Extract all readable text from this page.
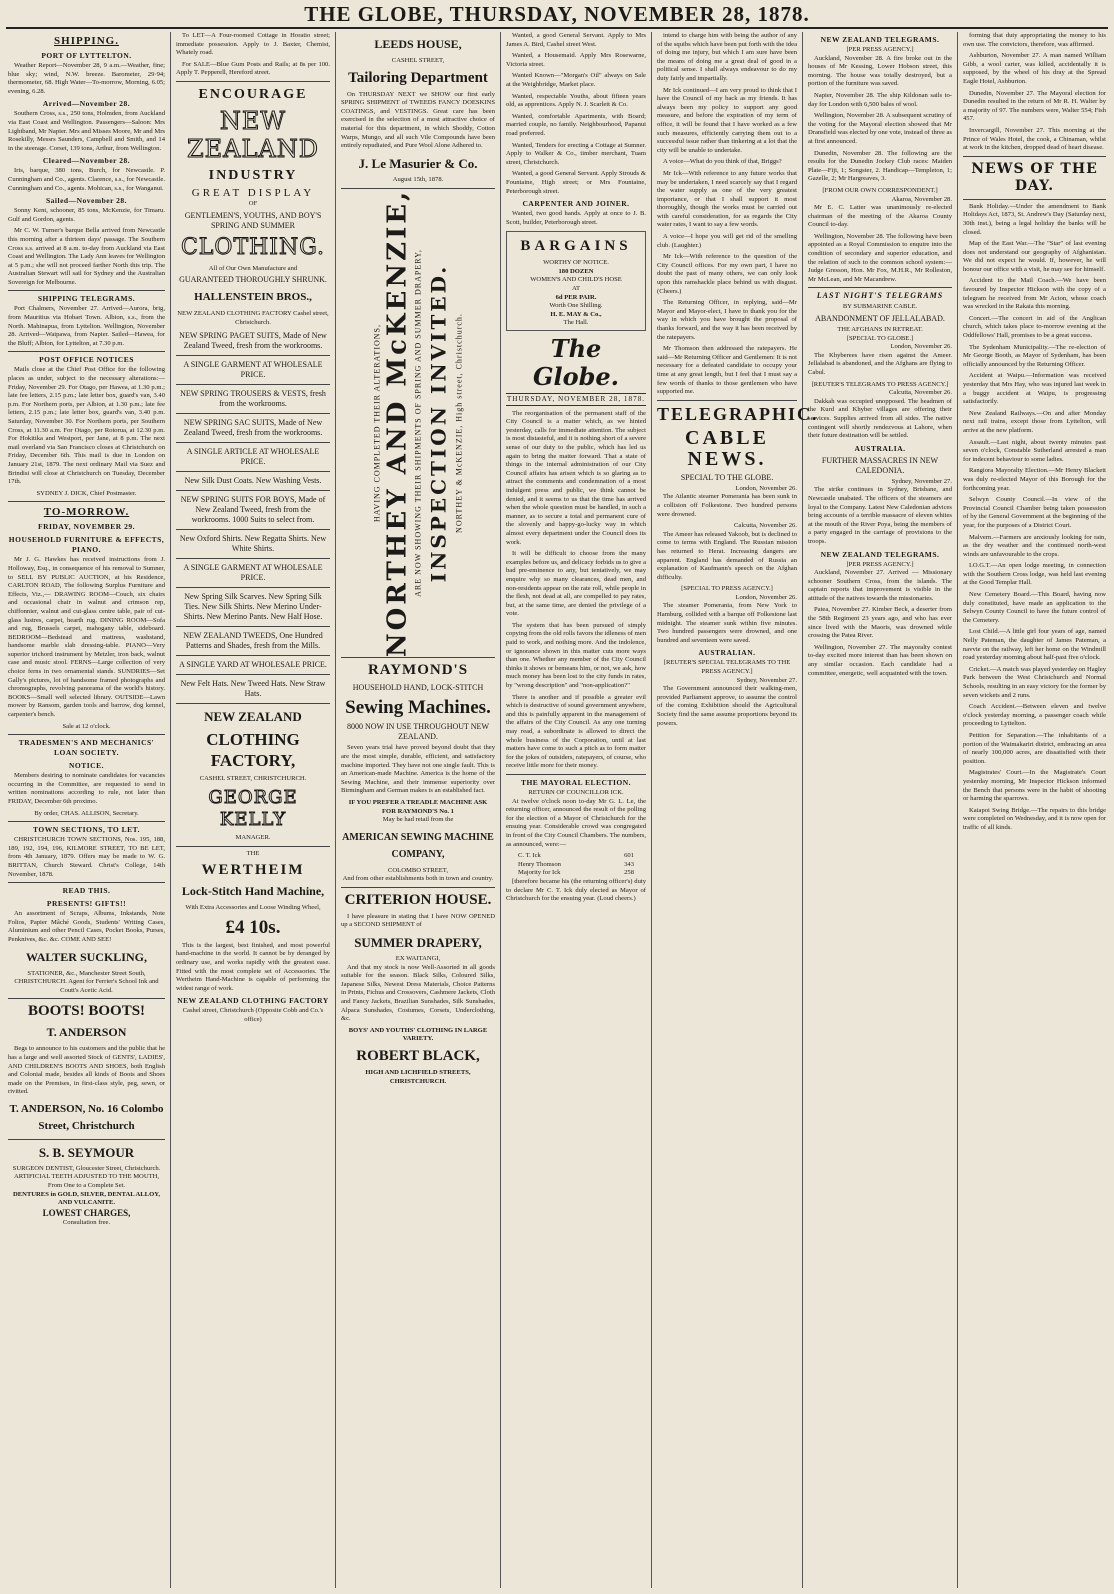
THE GLOBE, THURSDAY, NOVEMBER 28, 1878.
SHIPPING.
PORT OF LYTTELTON.
Weather Report—November 28, 9 a.m.—Weather, fine; blue sky; wind, N.W. breeze. Barometer, 29·94; thermometer, 68. High Water—To-morrow, Morning, 6.05; evening, 6.28.
Arrived—November 28.
Southern Cross, s.s., 250 tons, Holmden, from Auckland via East Coast and Wellington. Passengers—Saloon: Mrs Lightband, Mr Napier. Mrs and Misses Moore, Mr and Mrs Rosekilly, Messrs Saunders, Campbell and Smith, and 14 in the steerage. Corset, 139 tons, Arthur, from Wellington.
Cleared—November 28.
Iris, barque, 380 tons, Burch, for Newcastle. P. Cunningham and Co., agents. Clarence, s.s., for Newcastle. Cunningham and Co., agents. Mohican, s.s., for Wanganui.
Sailed—November 28.
Sonny Kent, schooner, 85 tons, McKenzie, for Timaru. Gulf and Gordon, agents.
Mr C. W. Turner's barque Bella arrived from Newcastle this morning after a thirteen days' passage. The Southern Cross s.s. arrived at 8 a.m. to-day from Auckland via East Coast and Wellington. The Lady Ann leaves for Wellington at 5 p.m.; she will not proceed farther North this trip. The Australian Stewart will sail for Sydney and the Australian Sovereign for Melbourne.
SHIPPING TELEGRAMS.
Port Chalmers, November 27. Arrived—Aurora, brig, from Mauritius via Hobart Town. Albion, s.s., from the North. Mahinapua, from Lyttelton. Wellington, November 28. Arrived—Waipawa, from Napier. Sailed—Hawea, for the Bluff; Albion, for Lyttelton, at 7.30 p.m.
POST OFFICE NOTICES
Mails close at the Chief Post Office for the following places as under, subject to the necessary alterations:— Friday, November 29. For Otago, per Hawea, at 1.30 p.m.; late fee letters, 2.15 p.m.; late letter box, guard's van, 3.40 p.m. For Northern ports, per Albion, at 1.30 p.m.; late fee letters, 2.15 p.m.; late letter box, guard's van, 3.40 p.m. Saturday, November 30. For Northern ports, per Southern Cross, at 11.30 a.m. For Otago, per Rotorua, at 12.30 p.m. For Hokitika and Westport, per Jane, at 8 p.m. The next mail overland via San Francisco closes at Christchurch on Friday, December 6th. This mail is due in London on January 21st, 1879. The next ordinary Mail via Suez and Brindisi will close at Christchurch on Tuesday, December 17th.
SYDNEY J. DICK, Chief Postmaster.
TO-MORROW.
FRIDAY, NOVEMBER 29.
HOUSEHOLD FURNITURE & EFFECTS, PIANO.
Mr J. G. Hawkes has received instructions from J. Holloway, Esq., in consequence of his removal to Sumner, to SELL BY PUBLIC AUCTION, at his Residence, CARLTON ROAD, The following Surplus Furniture and Effects, Viz.,— DRAWING ROOM—Couch, six chairs and occasional chair in walnut and crimson rep, chiffonnier, walnut and cut-glass centre table, pair of cut-glass lustres, carpet, hearth rug. DINING ROOM—Sofa and rug, Brussels carpet, mahogany table, sideboard. BEDROOM—Bedstead and mattress, washstand, handsome marble slab dressing-table. PIANO—Very superior trichord instrument by Metzler, iron back, walnut case and music stool. FERNS—Large collection of very choice ferns in two ornamental stands. SUNDRIES—Set Gally's pictures, lot of handsome framed photographs and chromographs, revolving panorama of the world's history. BOOKS—Small well selected library. OUTSIDE—Lawn mower by Ransom, garden tools and barrow, dog kennel, carpenter's bench.
Sale at 12 o'clock.
TRADESMEN'S AND MECHANICS' LOAN SOCIETY.
NOTICE.
Members desiring to nominate candidates for vacancies occurring in the Committee, are requested to send in written nominations according to rule, not later than FRIDAY, December 6th proximo.
By order, CHAS. ALLISON, Secretary.
TOWN SECTIONS, TO LET.
CHRISTCHURCH TOWN SECTIONS, Nos. 195, 188, 189, 192, 194, 196, KILMORE STREET, TO BE LET, from 4th January, 1879. Offers may be made to W. G. BRITTAN, Church Steward. Christ's College, 14th November, 1878.
READ THIS.
PRESENTS! GIFTS!!
An assortment of Scraps, Albums, Inkstands, Note Folios, Papier Mâché Goods, Students' Writing Cases, Aluminium and other Pencil Cases, Pocket Books, Purses, Penknives, &c. &c. COME AND SEE!
WALTER SUCKLING,
STATIONER, &c., Manchester Street South, CHRISTCHURCH. Agent for Ferrier's School Ink and Coutt's Acetic Acid.
BOOTS! BOOTS!
T. ANDERSON
Begs to announce to his customers and the public that he has a large and well assorted Stock of GENTS', LADIES', AND CHILDREN'S BOOTS AND SHOES, both English and Colonial made, besides all kinds of Boots and Shoes made on the Premises, in first-class style, peg, sewn, or rivitted.
T. ANDERSON, No. 16 Colombo Street, Christchurch
S. B. SEYMOUR
SURGEON DENTIST, Gloucester Street, Christchurch. ARTIFICIAL TEETH ADJUSTED TO THE MOUTH, From One to a Complete Set.
DENTURES in GOLD, SILVER, DENTAL ALLOY, AND VULCANITE.
LOWEST CHARGES,
Consultation free.
To LET—A Four-roomed Cottage in Horatio street; immediate possession. Apply to J. Baxter, Chemist, Whately road.
For SALE—Blue Gum Posts and Rails; at 8s per 100. Apply T. Pepperell, Hereford street.
ENCOURAGE
NEW ZEALAND
INDUSTRY
GREAT DISPLAY
OF
GENTLEMEN'S, YOUTHS, AND BOY'S SPRING AND SUMMER
CLOTHING.
All of Our Own Manufacture and
GUARANTEED THOROUGHLY SHRUNK.
HALLENSTEIN BROS.,
NEW ZEALAND CLOTHING FACTORY Cashel street, Christchurch.
NEW SPRING PAGET SUITS, Made of New Zealand Tweed, fresh from the workrooms.
A SINGLE GARMENT AT WHOLESALE PRICE.
NEW SPRING TROUSERS & VESTS, fresh from the workrooms.
NEW SPRING SAC SUITS, Made of New Zealand Tweed, fresh from the workrooms.
A SINGLE ARTICLE AT WHOLESALE PRICE.
New Silk Dust Coats. New Washing Vests.
NEW SPRING SUITS FOR BOYS, Made of New Zealand Tweed, fresh from the workrooms. 1000 Suits to select from.
New Oxford Shirts. New Regatta Shirts. New White Shirts.
A SINGLE GARMENT AT WHOLESALE PRICE.
New Spring Silk Scarves. New Spring Silk Ties. New Silk Shirts. New Merino Under-Shirts. New Merino Pants. New Half Hose.
NEW ZEALAND TWEEDS, One Hundred Patterns and Shades, fresh from the Mills.
A SINGLE YARD AT WHOLESALE PRICE.
New Felt Hats. New Tweed Hats. New Straw Hats.
NEW ZEALAND
CLOTHING FACTORY,
CASHEL STREET, CHRISTCHURCH.
GEORGE KELLY
MANAGER.
THE
WERTHEIM
Lock-Stitch Hand Machine,
With Extra Accessories and Loose Winding Wheel,
£4 10s.
This is the largest, best finished, and most powerful hand-machine in the world. It cannot be by deranged by ordinary use, and works rapidly with the greatest ease. Fitted with the most complete set of Accessories. The Wertheim Hand-Machine is capable of performing the widest range of work.
NEW ZEALAND CLOTHING FACTORY
Cashel street, Christchurch (Opposite Cobb and Co.'s office)
LEEDS HOUSE,
CASHEL STREET,
Tailoring Department
On THURSDAY NEXT we SHOW our first early SPRING SHIPMENT of TWEEDS FANCY DOESKINS COATINGS, and VESTINGS. Great care has been exercised in the selection of a most attractive choice of material for this department, in which Shoddy, Cotton Warps, Mungo, and all such Vile Compounds have been entirely repudiated, and Pure Wool Alone Adhered to.
J. Le Masurier & Co.
August 15th, 1878.
HAVING COMPLETED THEIR ALTERATIONS, NORTHEY AND McKENZIE, ARE NOW SHOWING THEIR SHIPMENTS OF SPRING AND SUMMER DRAPERY, INSPECTION INVITED. NORTHEY & McKENZIE, High street, Christchurch.
RAYMOND'S
HOUSEHOLD HAND, LOCK-STITCH
Sewing Machines.
8000 NOW IN USE THROUGHOUT NEW ZEALAND.
Seven years trial have proved beyond doubt that they are the most simple, durable, efficient, and satisfactory machine imported. They have not one single fault. This is an American-made Machine. America is the home of the Sewing Machine, and their immense superiority over Birmingham and German makes is an established fact.
IF YOU PREFER A TREADLE MACHINE ASK FOR RAYMOND'S No. 1
May be had retail from the
AMERICAN SEWING MACHINE COMPANY,
COLOMBO STREET,
And from other establishments both in town and country.
CRITERION HOUSE.
I have pleasure in stating that I have NOW OPENED up a SECOND SHIPMENT of
SUMMER DRAPERY,
EX WAITANGI,
And that my stock is now Well-Assorted in all goods suitable for the season. Black Silks, Coloured Silks, Japanese Silks, Newest Dress Materials, Choice Patterns in Prints, Fichus and Crossovers, Cashmere Jackets, Cloth and Fancy Jackets, Brazilian Sunshades, Silk Sunshades, Alpaca Sunshades, Costumes, Corsets, Underclothing, &c.
BOYS' AND YOUTHS' CLOTHING IN LARGE VARIETY.
ROBERT BLACK,
HIGH AND LICHFIELD STREETS, CHRISTCHURCH.
Wanted, a good General Servant. Apply to Mrs James A. Bird, Cashel street West.
Wanted, a Housemaid. Apply Mrs Rosewarne, Victoria street.
Wanted Known—"Morgan's Oil" always on Sale at the Weighbridge, Market place.
Wanted, respectable Youths, about fifteen years old, as apprentices. Apply N. J. Scarlett & Co.
Wanted, comfortable Apartments, with Board; married couple, no family. Neighbourhood, Papanui road preferred.
Wanted, Tenders for erecting a Cottage at Sumner. Apply to Walker & Co., timber merchant, Tuam street, Christchurch.
Wanted, a good General Servant. Apply Strouds & Fountaine, High street; or Mrs Fountaine, Peterborough street.
CARPENTER AND JOINER.
Wanted, two good hands. Apply at once to J. B. Scott, builder, Peterborough street.
BARGAINS
WORTHY OF NOTICE.
180 DOZEN
WOMEN'S AND CHILD'S HOSE
AT
6d PER PAIR.
Worth One Shilling.
H. E. MAY & Co.,
The Hall.
The Globe.
THURSDAY, NOVEMBER 28, 1878.
The reorganisation of the permanent staff of the City Council is a matter which, as we hinted yesterday, calls for immediate attention. The subject is most distasteful, and it is nothing short of a severe sense of our duty to the public, which has led us again to bring the matter forward. That a state of things in the internal administration of our City Council affairs has arisen which is so glaring as to attract the comments and condemnation of a most indulgent press and public, we think cannot be denied, and it seems to us that the time has arrived when the whole question must be handled, in such a manner, as to secure a total and permanent cure of the slovenly and happy-go-lucky way in which almost every department under the Council does its work.
It will be difficult to choose from the many examples before us, and delicacy forbids us to give a bad pre-eminence to any, but tentatively, we may enquire why so many clearances, dead men, and non-residents appear on the rate roll, while people in the flesh, not dead at all, are compelled to pay rates, but, at the same time, are denied the privilege of a vote.
The system that has been pursued of simply copying from the old rolls favors the idleness of men paid to work, and nothing more. And the indolence, or ignorance shown in this matter cuts more ways than one. Whether any member of the City Council thinks it shows or bemeans him, or not, we ask, how much money has been lost to the city funds in rates, by "wrong description" and "non-application?"
There is another and if possible a greater evil which is destructive of sound government anywhere, and this is painfully apparent in the management of the affairs of the City Council. As any one turning may read, a subordinate is allowed to direct the whole business of the Corporation, until at last matters have come to such a pitch as to form matter for the jokes of outsiders, ratepayers, of course, who receive little more for their money.
THE MAYORAL ELECTION.
RETURN OF COUNCILLOR ICK.
At twelve o'clock noon to-day Mr G. L. Le, the returning officer, announced the result of the polling for the election of a Mayor of Christchurch for the ensuing year. Considerable crowd was congregated in front of the City Council Chambers. The numbers, as announced, were:—
C. T. Ick	601
Henry Thomson	343
Majority for Ick	258
[therefore became his (the returning officer's) duty to declare Mr C. T. Ick duly elected as Mayor of Christchurch for the ensuing year. (Loud cheers.)
intend to charge him with being the author of any of the squibs which have been put forth with the idea of doing me injury, but which I am sure have been the means of doing me a great deal of good in a political sense. I shall always endeavour to do my duty fairly and impartially.
Mr Ick continued—I am very proud to think that I have the Council of my back as my friends. It has always been my policy to support any good measure, and before the expiration of my term of office, it will be found that I have worked as a few such measures, efficiently carrying them out to a successful issue rather than tinkering at a lot that the city will be unable to undertake.
A voice—What do you think of that, Briggs?
Mr Ick—With reference to any future works that may be undertaken, I need scarcely say that I regard the water supply as one of the very greatest importance, or that I shall support it most thoroughly, though the works must be carried out with careful consideration, for as regards the City water rates, I want to say a few words.
A voice—I hope you will get rid of the smelling club. (Laughter.)
Mr Ick—With reference to the question of the City Council offices. For my own part, I have no doubt the past of many others, we can only look upon this ramshackle place behind us with disgust. (Cheers.)
The Returning Officer, in replying, said—Mr Mayor and Mayor-elect, I have to thank you for the way in which you have brought the proposal of thanks forward, and the way it has been received by the ratepayers.
Mr Thomson then addressed the ratepayers. He said—Mr Returning Officer and Gentlemen: It is not necessary for a defeated candidate to occupy your time at any great length, but I feel that I must say a few words of thanks to those gentlemen who have supported me.
TELEGRAPHIC.
CABLE NEWS.
SPECIAL TO THE GLOBE.
London, November 26.
The Atlantic steamer Pomerania has been sunk in a collision off Folkestone. Two hundred persons were drowned.
Calcutta, November 26.
The Ameer has released Yakoob, but is declined to come to terms with England. The Russian mission has returned to Herat. Increasing dangers are apparent. England has demanded of Russia an explanation of Kaufmann's speech on the Afghan difficulty.
[SPECIAL TO PRESS AGENCY.]
London, November 26.
The steamer Pomerania, from New York to Hamburg, collided with a barque off Folkestone last midnight. The steamer sunk within five minutes. Two hundred passengers were drowned, and one hundred and seventeen were saved.
AUSTRALIAN.
[REUTER'S SPECIAL TELEGRAMS TO THE PRESS AGENCY.]
Sydney, November 27.
The Government announced their walking-men, provided Parliament approve, to assume the control of the coming Exhibition should the Agricultural Society find the same assume proportions beyond its powers.
NEW ZEALAND TELEGRAMS.
[PER PRESS AGENCY.]
Auckland, November 28. A fire broke out in the houses of Mr Kessing, Lower Hobson street, this morning. The house was totally destroyed, but a portion of the furniture was saved.
Napier, November 28. The ship Kildonan sails to-day for London with 6,500 bales of wool.
Wellington, November 28. A subsequent scrutiny of the voting for the Mayoral election showed that Mr Dransfield was elected by one vote, instead of three as at first announced.
Dunedin, November 28. The following are the results for the Dunedin Jockey Club races: Maiden Plate—Fiji, 1; Songster, 2. Handicap—Templeton, 1; Gazelle, 2; Mr Hargreaves, 3.
[FROM OUR OWN CORRESPONDENT.]
Akaroa, November 28.
Mr E. C. Latter was unanimously re-elected chairman of the meeting of the Akaroa County Council to-day.
Wellington, November 28. The following have been appointed as a Royal Commission to enquire into the condition of secondary and superior education, and the relation of such to the common school system:—Judge Gresson, Hon. Mr Fox, M.H.R., Mr Rolleston, Mr McLean, and Mr Macandrew.
LAST NIGHT'S TELEGRAMS
BY SUBMARINE CABLE.
ABANDONMENT OF JELLALABAD.
THE AFGHANS IN RETREAT.
[SPECIAL TO GLOBE.]
London, November 26.
The Khyberees have risen against the Ameer. Jellalabad is abandoned, and the Afghans are flying to Cabul.
[REUTER'S TELEGRAMS TO PRESS AGENCY.]
Calcutta, November 26.
Dakkah was occupied unopposed. The headmen of the Kurd and Khyber villages are offering their services. Supplies arrived from all sides. The native contingent will shortly rendezvous at Lahore, when their future destination will be settled.
AUSTRALIA.
FURTHER MASSACRES IN NEW CALEDONIA.
Sydney, November 27.
The strike continues in Sydney, Brisbane, and Newcastle unabated. The officers of the steamers are loyal to the Company. Latest New Caledonian advices bring accounts of a terrible massacre of eleven whites at the mouth of the River Poya, being the members of a party engaged in the carriage of provisions to the troops.
NEW ZEALAND TELEGRAMS.
[PER PRESS AGENCY.]
Auckland, November 27. Arrived — Missionary schooner Southern Cross, from the islands. The captain reports that improvement is visible in the attitude of the natives towards the missionaries.
Patea, November 27. Kimber Beck, a deserter from the 58th Regiment 23 years ago, and who has ever since lived with the Maoris, was drowned while crossing the Patea River.
Wellington, November 27. The mayoralty contest to-day excited more interest than has been shown on any similar occasion. Each candidate had a committee, energetic, well acquainted with the town.
forming that duty appropriating the money to his own use. The convictors, therefore, was affirmed.
Ashburton, November 27. A man named William Gibb, a wool carter, was killed, accidentally it is supposed, by the wheel of his dray at the Spread Eagle Hotel, Ashburton.
Dunedin, November 27. The Mayoral election for Dunedin resulted in the return of Mr R. H. Walter by a majority of 97. The numbers were, Walter 554; Fish 457.
Invercargill, November 27. This morning at the Prince of Wales Hotel, the cook, a Chinaman, whilst at work in the kitchen, dropped dead of heart disease.
NEWS OF THE DAY.
Bank Holiday.—Under the amendment to Bank Holidays Act, 1873, St. Andrew's Day (Saturday next, 30th inst.), being a legal holiday the banks will be closed.
Map of the East War.—The "Star" of last evening does not understand our geography of Afghanistan. We did not expect he would. If, however, he will honour our office with a visit, he may see for himself.
Accident to the Mail Coach.—We have been favoured by Inspector Hickson with the copy of a telegram he received from Mr Acton, whose coach was wrecked in the Rakaia this morning.
Concert.—The concert in aid of the Anglican church, which takes place to-morrow evening at the Oddfellows' Hall, promises to be a great success.
The Sydenham Municipality.—The re-election of Mr George Booth, as Mayor of Sydenham, has been officially announced by the Returning Officer.
Accident at Waipu.—Information was received yesterday that Mrs Hay, who was injured last week in a buggy accident at Waipu, is progressing satisfactorily.
New Zealand Railways.—On and after Monday next rail trains, except those from Lyttelton, will arrive at the new platform.
Assault.—Last night, about twenty minutes past seven o'clock, Constable Sutherland arrested a man for indecent behaviour to some ladies.
Rangiora Mayoralty Election.—Mr Henry Blackett was duly re-elected Mayor of this Borough for the forthcoming year.
Selwyn County Council.—In view of the Provincial Council Chamber being taken possession of by the General Government at the beginning of the year, for the purposes of a District Court.
Malvern.—Farmers are anxiously looking for rain, as the dry weather and the continued north-west winds are unfavourable to the crops.
I.O.G.T.—An open lodge meeting, in connection with the Southern Cross lodge, was held last evening at the Good Templar Hall.
New Cemetery Board.—This Board, having now duly constituted, have made an application to the Selwyn County Council to have the future control of the Cemetery.
Lost Child.—A little girl four years of age, named Nelly Pateman, the daughter of James Pateman, a navvie on the railway, left her home on the Windmill road yesterday morning about half-past five o'clock.
Cricket.—A match was played yesterday on Hagley Park between the West Christchurch and Normal Schools, resulting in an easy victory for the former by seven wickets and 2 runs.
Coach Accident.—Between eleven and twelve o'clock yesterday morning, a passenger coach while proceeding to Lyttelton.
Petition for Separation.—The inhabitants of a portion of the Waimakariri district, embracing an area of nearly 100,000 acres, are dissatisfied with their position.
Magistrates' Court.—In the Magistrate's Court yesterday morning, Mr Inspector Hickson informed the Bench that persons were in the habit of shooting or harming the sparrows.
Kaiapoi Swing Bridge.—The repairs to this bridge were completed on Wednesday, and it is now open for traffic of all kinds.
